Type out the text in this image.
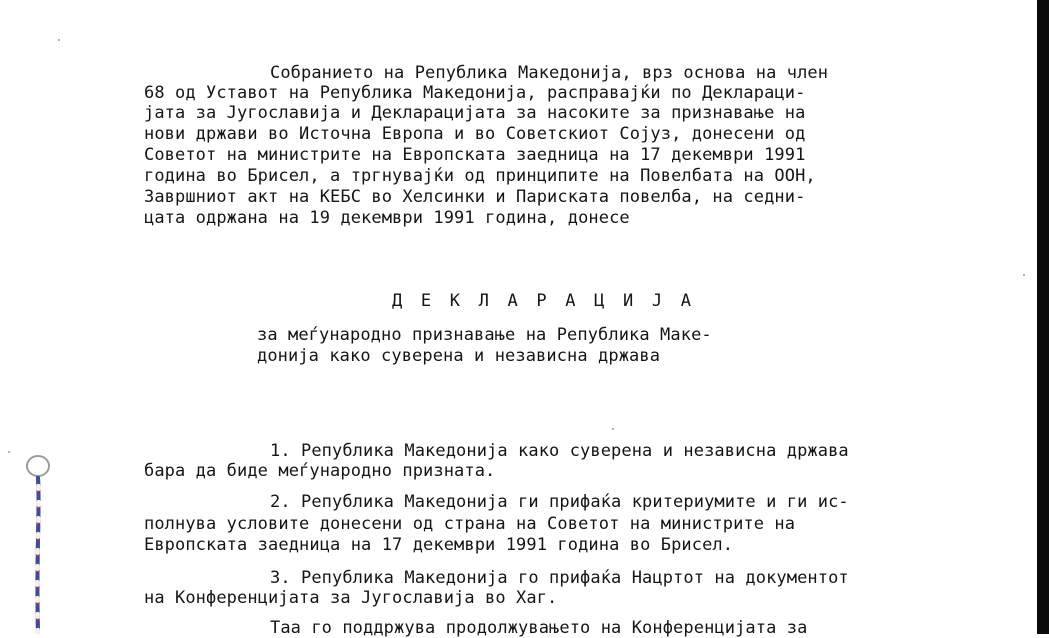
Собранието на Република Македонија, врз основа на член
68 од Уставот на Република Македонија, расправајќи по Деклараци-
јата за Југославија и Декларацијата за насоките за признавање на
нови држави во Источна Европа и во Советскиот Сојуз, донесени од
Советот на министрите на Европската заедница на 17 декември 1991
година во Брисел, а тргнувајќи од принципите на Повелбата на ООН,
Завршниот акт на КЕБС во Хелсинки и Париската повелба, на седни-
цата одржана на 19 декември 1991 година, донесе
Д Е К Л А Р А Ц И Ј А
за меѓународно признавање на Република Маке-
донија како суверена и независна држава
1. Република Македонија како суверена и независна држава
бара да биде меѓународно призната.
2. Република Македонија ги прифаќа критериумите и ги ис-
полнува условите донесени од страна на Советот на министрите на
Европската заедница на 17 декември 1991 година во Брисел.
3. Република Македонија го прифаќа Нацртот на документот
на Конференцијата за Југославија во Хаг.
Таа го поддржува продолжувањето на Конференцијата за
